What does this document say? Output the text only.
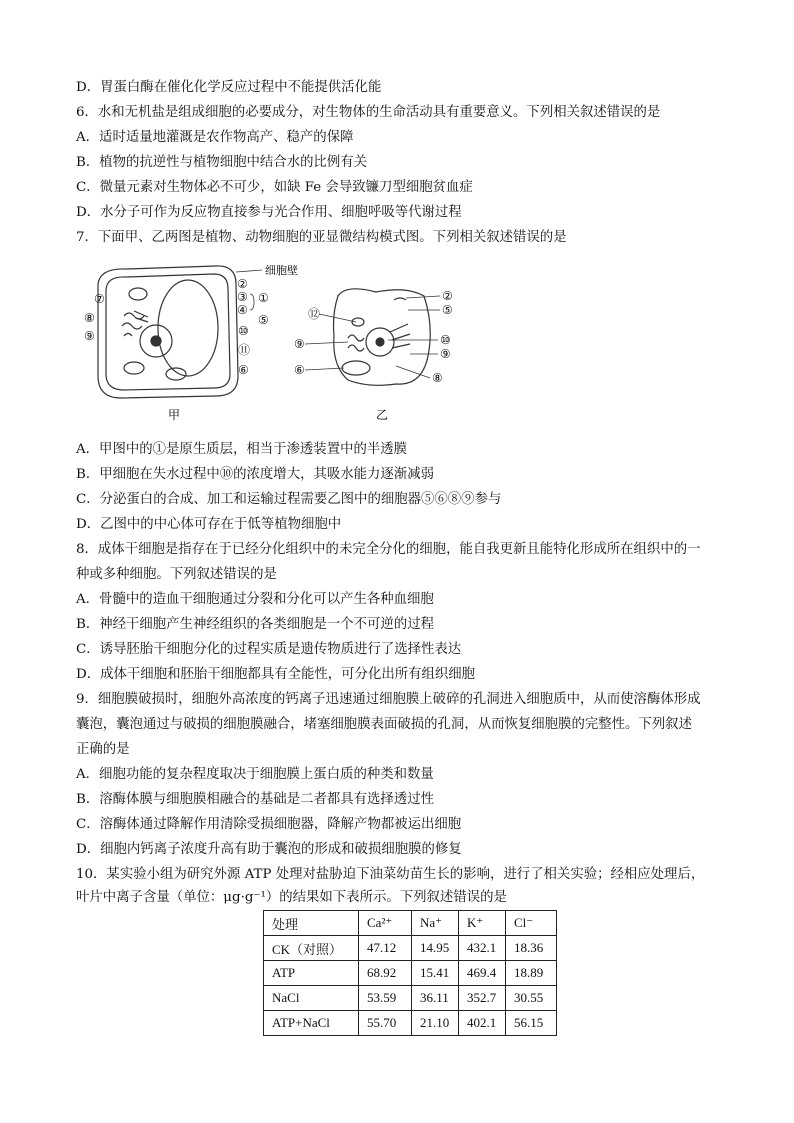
D．胃蛋白酶在催化化学反应过程中不能提供活化能
6．水和无机盐是组成细胞的必要成分，对生物体的生命活动具有重要意义。下列相关叙述错误的是
A．适时适量地灌溉是农作物高产、稳产的保障
B．植物的抗逆性与植物细胞中结合水的比例有关
C．微量元素对生物体必不可少，如缺 Fe 会导致镰刀型细胞贫血症
D．水分子可作为反应物直接参与光合作用、细胞呼吸等代谢过程
7．下面甲、乙两图是植物、动物细胞的亚显微结构模式图。下列相关叙述错误的是
细胞壁
⑦
⑧
⑨
②
③
④
①
⑤
⑩
⑪
⑥
甲
⑫
⑨
⑥
②
⑤
⑩
⑨
⑧
乙
A．甲图中的①是原生质层，相当于渗透装置中的半透膜
B．甲细胞在失水过程中⑩的浓度增大，其吸水能力逐渐减弱
C．分泌蛋白的合成、加工和运输过程需要乙图中的细胞器⑤⑥⑧⑨参与
D．乙图中的中心体可存在于低等植物细胞中
8．成体干细胞是指存在于已经分化组织中的未完全分化的细胞，能自我更新且能特化形成所在组织中的一
种或多种细胞。下列叙述错误的是
A．骨髓中的造血干细胞通过分裂和分化可以产生各种血细胞
B．神经干细胞产生神经组织的各类细胞是一个不可逆的过程
C．诱导胚胎干细胞分化的过程实质是遗传物质进行了选择性表达
D．成体干细胞和胚胎干细胞都具有全能性，可分化出所有组织细胞
9．细胞膜破损时，细胞外高浓度的钙离子迅速通过细胞膜上破碎的孔洞进入细胞质中，从而使溶酶体形成
囊泡，囊泡通过与破损的细胞膜融合，堵塞细胞膜表面破损的孔洞，从而恢复细胞膜的完整性。下列叙述
正确的是
A．细胞功能的复杂程度取决于细胞膜上蛋白质的种类和数量
B．溶酶体膜与细胞膜相融合的基础是二者都具有选择透过性
C．溶酶体通过降解作用清除受损细胞器，降解产物都被运出细胞
D．细胞内钙离子浓度升高有助于囊泡的形成和破损细胞膜的修复
10．某实验小组为研究外源 ATP 处理对盐胁迫下油菜幼苗生长的影响，进行了相关实验；经相应处理后，
叶片中离子含量（单位：μg·g⁻¹）的结果如下表所示。下列叙述错误的是
处理	Ca²⁺	Na⁺	K⁺	Cl⁻
CK（对照）	47.12	14.95	432.1	18.36
ATP	68.92	15.41	469.4	18.89
NaCl	53.59	36.11	352.7	30.55
ATP+NaCl	55.70	21.10	402.1	56.15
